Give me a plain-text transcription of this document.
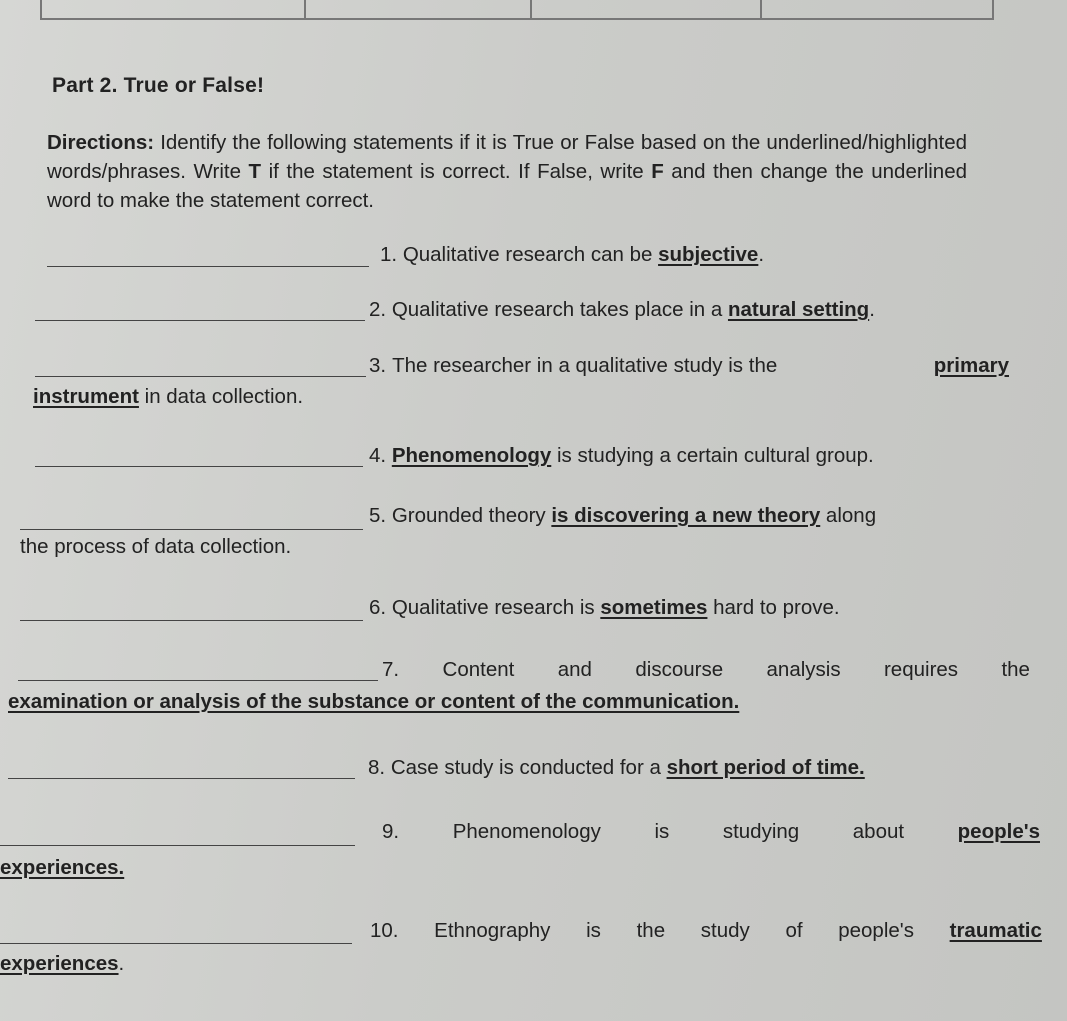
Part 2. True or False!
Directions: Identify the following statements if it is True or False based on the underlined/highlighted words/phrases. Write T if the statement is correct. If False, write F and then change the underlined word to make the statement correct.
1. Qualitative research can be subjective.
2. Qualitative research takes place in a natural setting.
3. The researcher in a qualitative study is the	primary
instrument in data collection.
4. Phenomenology is studying a certain cultural group.
5. Grounded theory is discovering a new theory along
the process of data collection.
6. Qualitative research is sometimes hard to prove.
7. Content and discourse analysis requires the
examination or analysis of the substance or content of the communication.
8. Case study is conducted for a short period of time.
9.	Phenomenology	is	studying	about	people's
experiences.
10. Ethnography is the study of people's traumatic
experiences.
